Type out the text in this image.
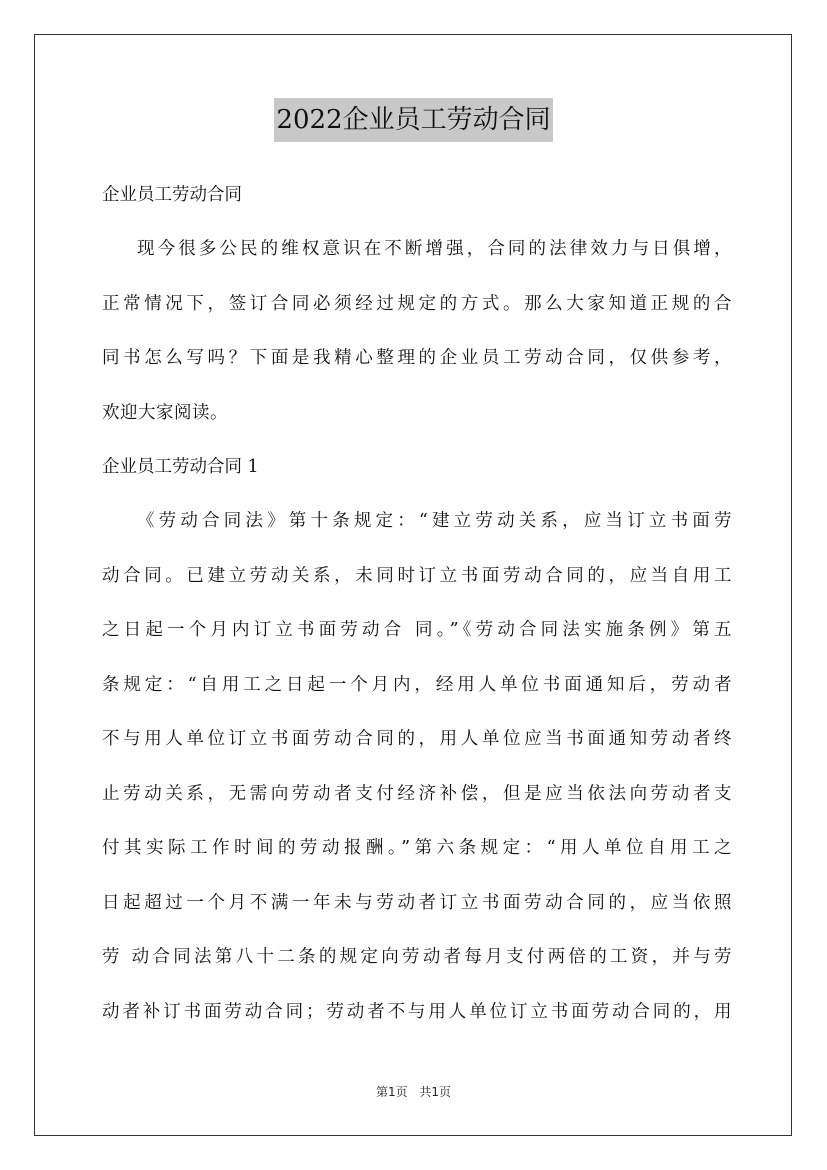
2022企业员工劳动合同

企业员工劳动合同

现今很多公民的维权意识在不断增强，合同的法律效力与日俱增，
正常情况下，签订合同必须经过规定的方式。那么大家知道正规的合
同书怎么写吗？下面是我精心整理的企业员工劳动合同，仅供参考，
欢迎大家阅读。

企业员工劳动合同 1

《劳动合同法》第十条规定：“建立劳动关系，应当订立书面劳
动合同。已建立劳动关系，未同时订立书面劳动合同的，应当自用工
之日起一个月内订立书面劳动合 同。”《劳动合同法实施条例》第五
条规定：“自用工之日起一个月内，经用人单位书面通知后，劳动者
不与用人单位订立书面劳动合同的，用人单位应当书面通知劳动者终
止劳动关系，无需向劳动者支付经济补偿，但是应当依法向劳动者支
付其实际工作时间的劳动报酬。”第六条规定：“用人单位自用工之
日起超过一个月不满一年未与劳动者订立书面劳动合同的，应当依照
劳 动合同法第八十二条的规定向劳动者每月支付两倍的工资，并与劳
动者补订书面劳动合同；劳动者不与用人单位订立书面劳动合同的，用
第1页 共1页
